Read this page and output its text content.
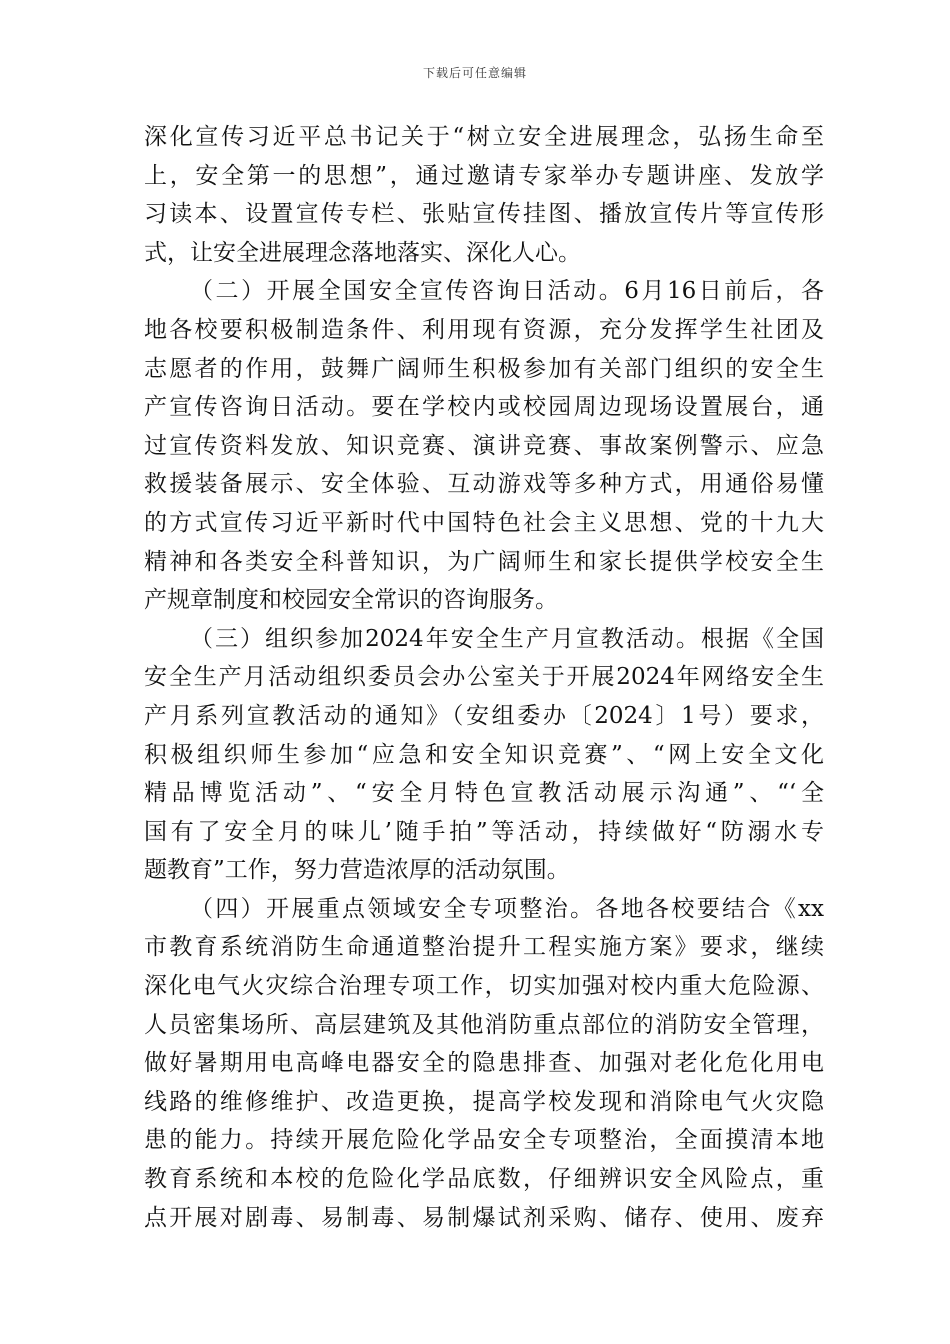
下载后可任意编辑
深化宣传习近平总书记关于“树立安全进展理念，弘扬生命至
上，安全第一的思想”，通过邀请专家举办专题讲座、发放学
习读本、设置宣传专栏、张贴宣传挂图、播放宣传片等宣传形
式，让安全进展理念落地落实、深化人心。
（二）开展全国安全宣传咨询日活动。6月16日前后，各
地各校要积极制造条件、利用现有资源，充分发挥学生社团及
志愿者的作用，鼓舞广阔师生积极参加有关部门组织的安全生
产宣传咨询日活动。要在学校内或校园周边现场设置展台，通
过宣传资料发放、知识竞赛、演讲竞赛、事故案例警示、应急
救援装备展示、安全体验、互动游戏等多种方式，用通俗易懂
的方式宣传习近平新时代中国特色社会主义思想、党的十九大
精神和各类安全科普知识，为广阔师生和家长提供学校安全生
产规章制度和校园安全常识的咨询服务。
（三）组织参加2024年安全生产月宣教活动。根据《全国
安全生产月活动组织委员会办公室关于开展2024年网络安全生
产月系列宣教活动的通知》（安组委办〔2024〕1号）要求，
积极组织师生参加“应急和安全知识竞赛”、“网上安全文化
精品博览活动”、“安全月特色宣教活动展示沟通”、“‘全
国有了安全月的味儿’随手拍”等活动，持续做好“防溺水专
题教育”工作，努力营造浓厚的活动氛围。
（四）开展重点领域安全专项整治。各地各校要结合《xx
市教育系统消防生命通道整治提升工程实施方案》要求，继续
深化电气火灾综合治理专项工作，切实加强对校内重大危险源、
人员密集场所、高层建筑及其他消防重点部位的消防安全管理，
做好暑期用电高峰电器安全的隐患排查、加强对老化危化用电
线路的维修维护、改造更换，提高学校发现和消除电气火灾隐
患的能力。持续开展危险化学品安全专项整治，全面摸清本地
教育系统和本校的危险化学品底数，仔细辨识安全风险点，重
点开展对剧毒、易制毒、易制爆试剂采购、储存、使用、废弃
